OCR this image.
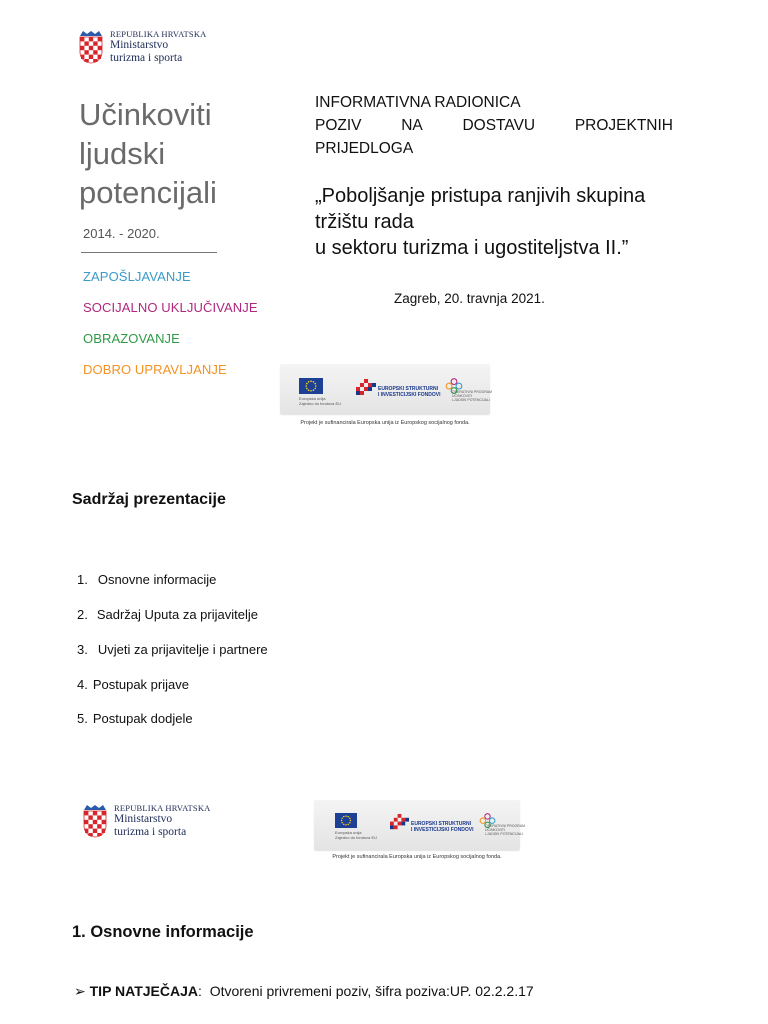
REPUBLIKA HRVATSKA
Ministarstvo
turizma i sporta
Učinkoviti
ljudski
potencijali
2014. - 2020.
ZAPOŠLJAVANJE
SOCIJALNO UKLJUČIVANJE
OBRAZOVANJE
DOBRO UPRAVLJANJE
INFORMATIVNA RADIONICA
POZIV	NA	DOSTAVU	PROJEKTNIH
PRIJEDLOGA
„Poboljšanje pristupa ranjivih skupina
tržištu rada
u sektoru turizma i ugostiteljstva II.”
Zagreb, 20. travnja 2021.
Europska unija
Zajedno do fondova EU
EUROPSKI STRUKTURNI
I INVESTICIJSKI FONDOVI	OPERATIVNI
UČINKOVITI
LJUDSKI POTENCIJALI
Projekt je sufinancirala Europska unija iz Europskog socijalnog fonda.
Sadržaj prezentacije
1. Osnovne informacije
2. Sadržaj Uputa za prijavitelje
3. Uvjeti za prijavitelje i partnere
4. Postupak prijave
5. Postupak dodjele
REPUBLIKA HRVATSKA
Ministarstvo
turizma i sporta	Europska unija
Zajedno do fondova EU
EUROPSKI STRUKTURNI
I INVESTICIJSKI FONDOVI
OPERATIVNI
UČINKOVITI
LJUDSKI POTENCIJALI
Projekt je sufinancirala Europska unija iz Europskog socijalnog fonda.
1. Osnovne informacije
➢ TIP NATJEČAJA:  Otvoreni privremeni poziv, šifra poziva:UP. 02.2.2.17
